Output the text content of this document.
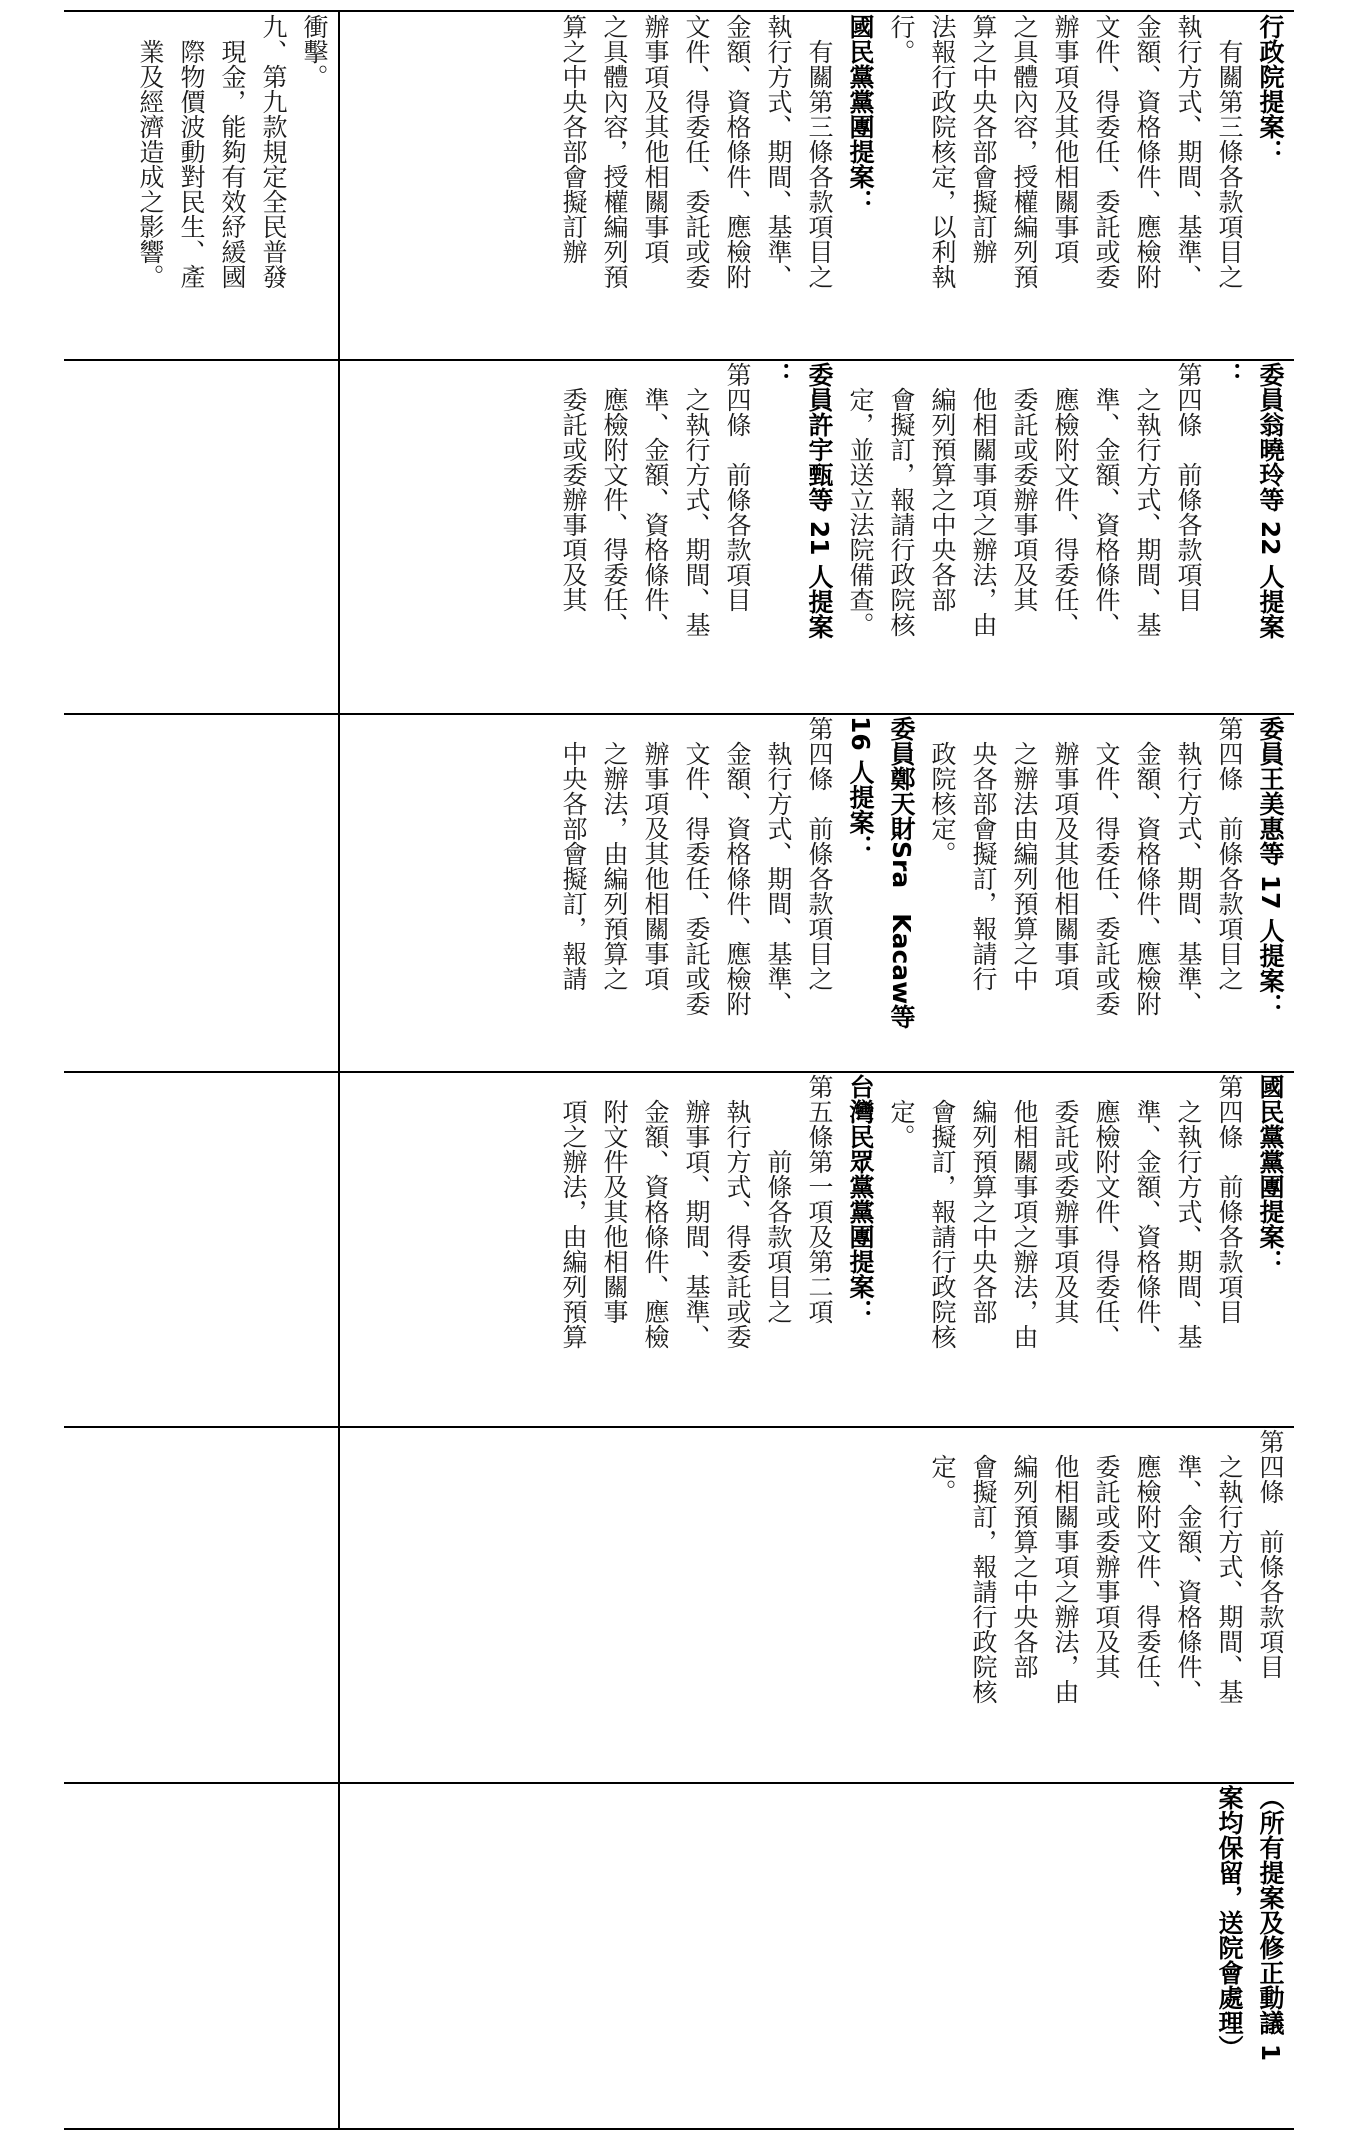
衝擊。

九、第九款規定全民普發

現金，能夠有效紓緩國

際物價波動對民生、產

業及經濟造成之影響。	行政院提案：

有關第三條各款項目之

執行方式、期間、基準、

金額、資格條件、應檢附

文件、得委任、委託或委

辦事項及其他相關事項

之具體內容，授權編列預

算之中央各部會擬訂辦

法報行政院核定，以利執

行。

國民黨黨團提案：

有關第三條各款項目之

執行方式、期間、基準、

金額、資格條件、應檢附

文件、得委任、委託或委

辦事項及其他相關事項

之具體內容，授權編列預

算之中央各部會擬訂辦

委員翁曉玲等 22 人提案

：

第四條　前條各款項目

之執行方式、期間、基

準、金額、資格條件、

應檢附文件、得委任、

委託或委辦事項及其

他相關事項之辦法，由

編列預算之中央各部

會擬訂，報請行政院核

定，並送立法院備查。

委員許宇甄等 21 人提案

：

第四條　前條各款項目

之執行方式、期間、基

準、金額、資格條件、

應檢附文件、得委任、

委託或委辦事項及其

委員王美惠等 17 人提案：

第四條　前條各款項目之

執行方式、期間、基準、

金額、資格條件、應檢附

文件、得委任、委託或委

辦事項及其他相關事項

之辦法由編列預算之中

央各部會擬訂，報請行

政院核定。

委員鄭天財Sra　Kacaw等

16 人提案：

第四條　前條各款項目之

執行方式、期間、基準、

金額、資格條件、應檢附

文件、得委任、委託或委

辦事項及其他相關事項

之辦法，由編列預算之

中央各部會擬訂，報請

國民黨黨團提案：

第四條　前條各款項目

之執行方式、期間、基

準、金額、資格條件、

應檢附文件、得委任、

委託或委辦事項及其

他相關事項之辦法，由

編列預算之中央各部

會擬訂，報請行政院核

定。

台灣民眾黨黨團提案：

第五條第一項及第二項

前條各款項目之

執行方式、得委託或委

辦事項、期間、基準、

金額、資格條件、應檢

附文件及其他相關事

項之辦法，由編列預算

第四條　前條各款項目

之執行方式、期間、基

準、金額、資格條件、

應檢附文件、得委任、

委託或委辦事項及其

他相關事項之辦法，由

編列預算之中央各部

會擬訂，報請行政院核

定。

（所有提案及修正動議 1

案均保留，送院會處理）
